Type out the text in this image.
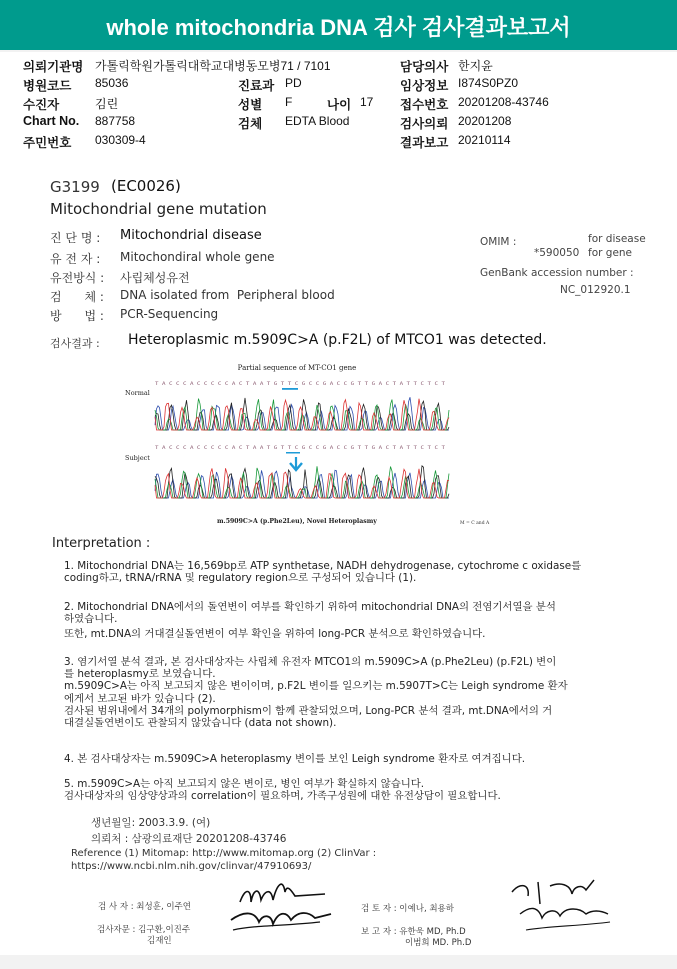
whole mitochondria DNA 검사 검사결과보고서
의뢰기관명 가톨릭학원가톨릭대학교대병동모병71 / 7101
병원코드 85036
수진자	김린
Chart No. 887758
주민번호 030309-4
진료과 PD
성별 F	나이 17
검체 EDTA Blood
담당의사 한지윤
임상정보 I874S0PZ0
접수번호 20201208-43746
검사의뢰 20201208
결과보고 20210114
G3199 (EC0026)
Mitochondrial gene mutation
진 단 명 : Mitochondrial disease
유 전 자 : Mitochondiral whole gene
유전방식 : 사립체성유전
검      체 : DNA isolated from  Peripheral blood
방      법 : PCR-Sequencing
OMIM :	for disease
*590050 for gene
GenBank accession number :
NC_012920.1
검사결과 : Heteroplasmic m.5909C>A (p.F2L) of MTCO1 was detected.
Partial sequence of MT-CO1 gene
Normal
Subject
T A C C C A C C C C C A C T A A T G T T C G C C G A C C G T T G A C T A T T C T C T
T A C C C A C C C C C A C T A A T G T T C G C C G A C C G T T G A C T A T T C T C T
m.5909C>A (p.Phe2Leu), Novel Heteroplasmy	M = C and A
Interpretation :
1. Mitochondrial DNA는 16,569bp로 ATP synthetase, NADH dehydrogenase, cytochrome c oxidase를
coding하고, tRNA/rRNA 및 regulatory region으로 구성되어 있습니다 (1).
2. Mitochondrial DNA에서의 돌연변이 여부를 확인하기 위하여 mitochondrial DNA의 전염기서열을 분석
하였습니다.
또한, mt.DNA의 거대결실돌연변이 여부 확인을 위하여 long-PCR 분석으로 확인하였습니다.
3. 염기서열 분석 결과, 본 검사대상자는 사립체 유전자 MTCO1의 m.5909C>A (p.Phe2Leu) (p.F2L) 변이
를 heteroplasmy로 보였습니다.
m.5909C>A는 아직 보고되지 않은 변이이며, p.F2L 변이를 일으키는 m.5907T>C는 Leigh syndrome 환자
에게서 보고된 바가 있습니다 (2).
검사된 범위내에서 34개의 polymorphism이 함께 관찰되었으며, Long-PCR 분석 결과, mt.DNA에서의 거
대결실돌연변이도 관찰되지 않았습니다 (data not shown).
4. 본 검사대상자는 m.5909C>A heteroplasmy 변이를 보인 Leigh syndrome 환자로 여겨집니다.
5. m.5909C>A는 아직 보고되지 않은 변이로, 병인 여부가 확실하지 않습니다.
검사대상자의 임상양상과의 correlation이 필요하며, 가족구성원에 대한 유전상담이 필요합니다.
생년월일: 2003.3.9. (여)
의뢰처 : 삼광의료재단 20201208-43746
Reference (1) Mitomap: http://www.mitomap.org (2) ClinVar :
https://www.ncbi.nlm.nih.gov/clinvar/47910693/
검 사 자 : 최성훈, 이주연
검사자문 : 김구환,이진주
김재인
검 토 자 : 이예나, 최용하
보 고 자 : 유한욱 MD, Ph.D
이범희 MD. Ph.D
